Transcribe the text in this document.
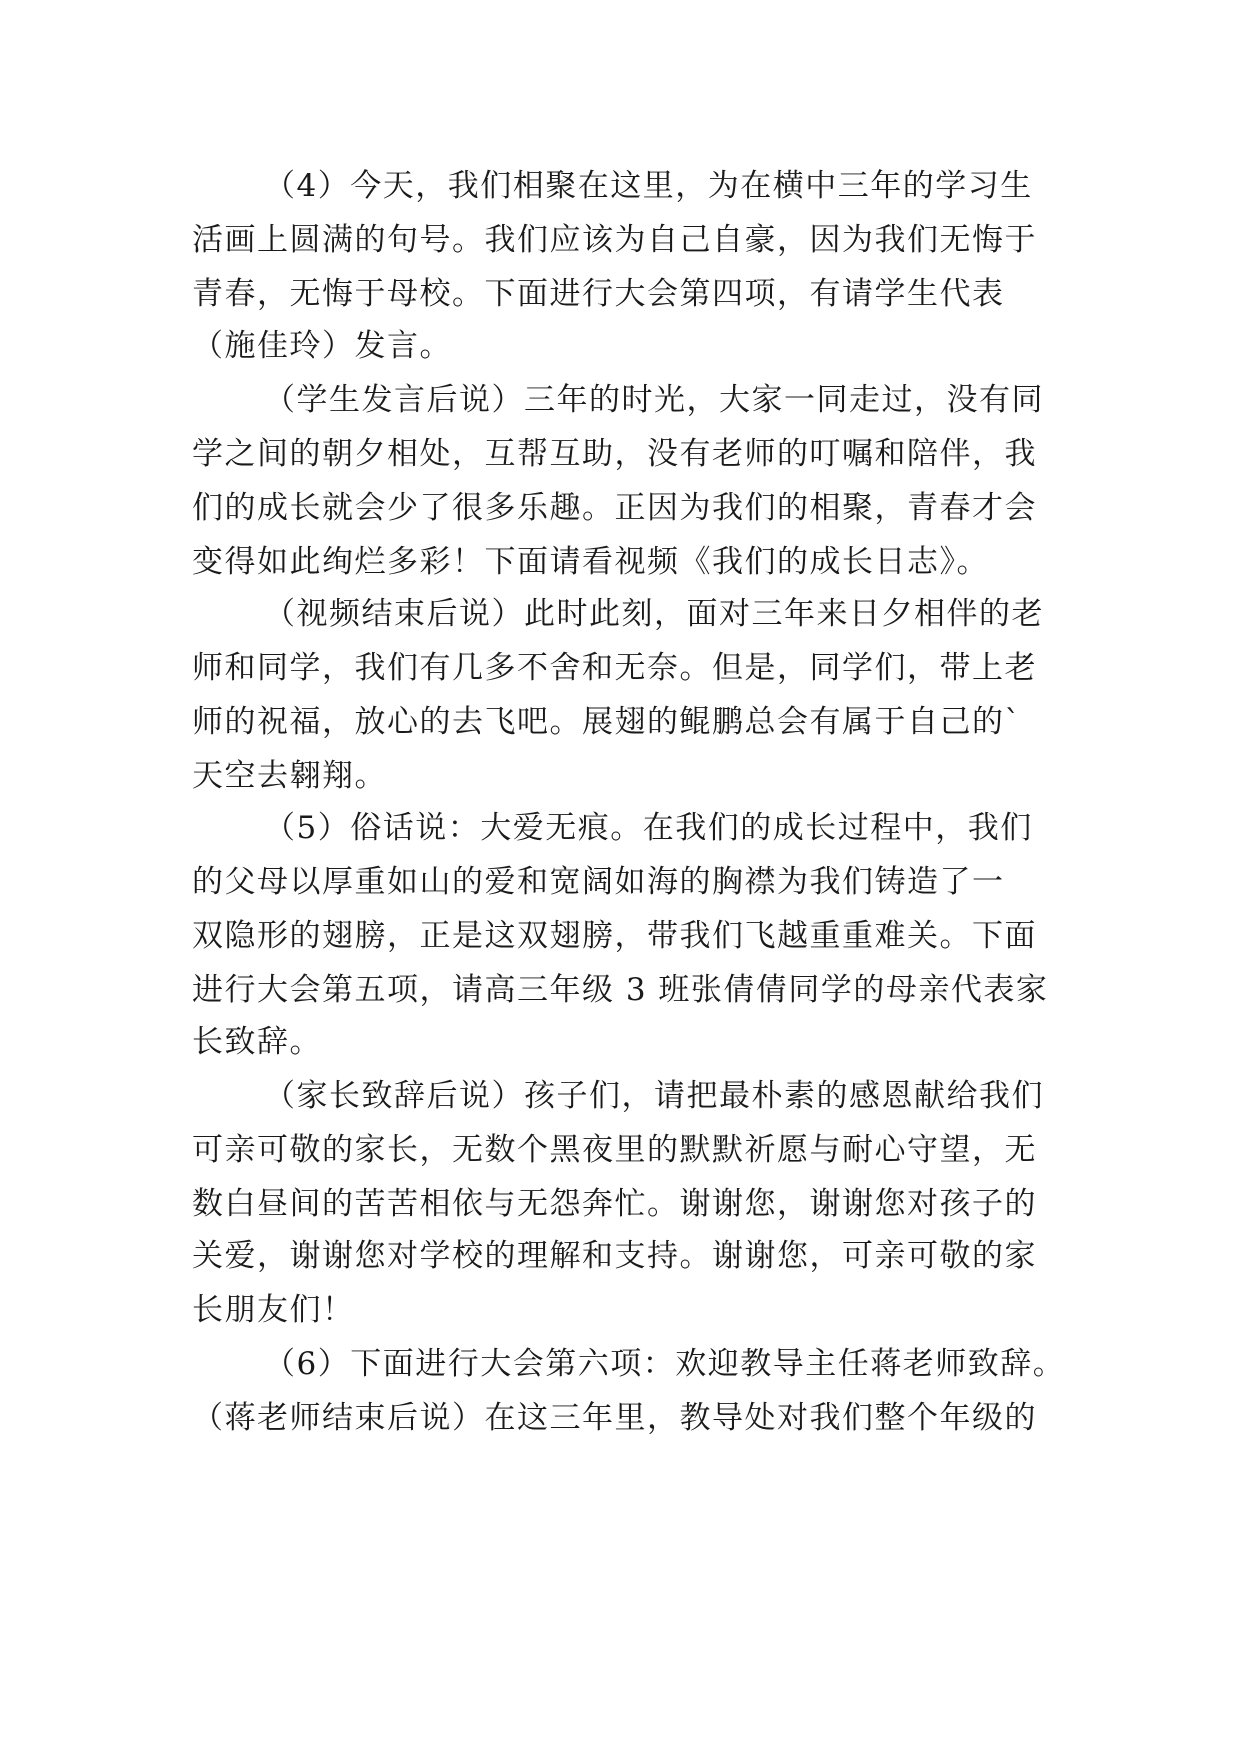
（4）今天，我们相聚在这里，为在横中三年的学习生
活画上圆满的句号。我们应该为自己自豪，因为我们无悔于
青春，无悔于母校。下面进行大会第四项，有请学生代表
（施佳玲）发言。
（学生发言后说）三年的时光，大家一同走过，没有同
学之间的朝夕相处，互帮互助，没有老师的叮嘱和陪伴，我
们的成长就会少了很多乐趣。正因为我们的相聚，青春才会
变得如此绚烂多彩！下面请看视频《我们的成长日志》。
（视频结束后说）此时此刻，面对三年来日夕相伴的老
师和同学，我们有几多不舍和无奈。但是，同学们，带上老
师的祝福，放心的去飞吧。展翅的鲲鹏总会有属于自己的`
天空去翱翔。
（5）俗话说：大爱无痕。在我们的成长过程中，我们
的父母以厚重如山的爱和宽阔如海的胸襟为我们铸造了一
双隐形的翅膀，正是这双翅膀，带我们飞越重重难关。下面
进行大会第五项，请高三年级 3 班张倩倩同学的母亲代表家
长致辞。
（家长致辞后说）孩子们，请把最朴素的感恩献给我们
可亲可敬的家长，无数个黑夜里的默默祈愿与耐心守望，无
数白昼间的苦苦相依与无怨奔忙。谢谢您，谢谢您对孩子的
关爱，谢谢您对学校的理解和支持。谢谢您，可亲可敬的家
长朋友们！
（6）下面进行大会第六项：欢迎教导主任蒋老师致辞。
（蒋老师结束后说）在这三年里，教导处对我们整个年级的
